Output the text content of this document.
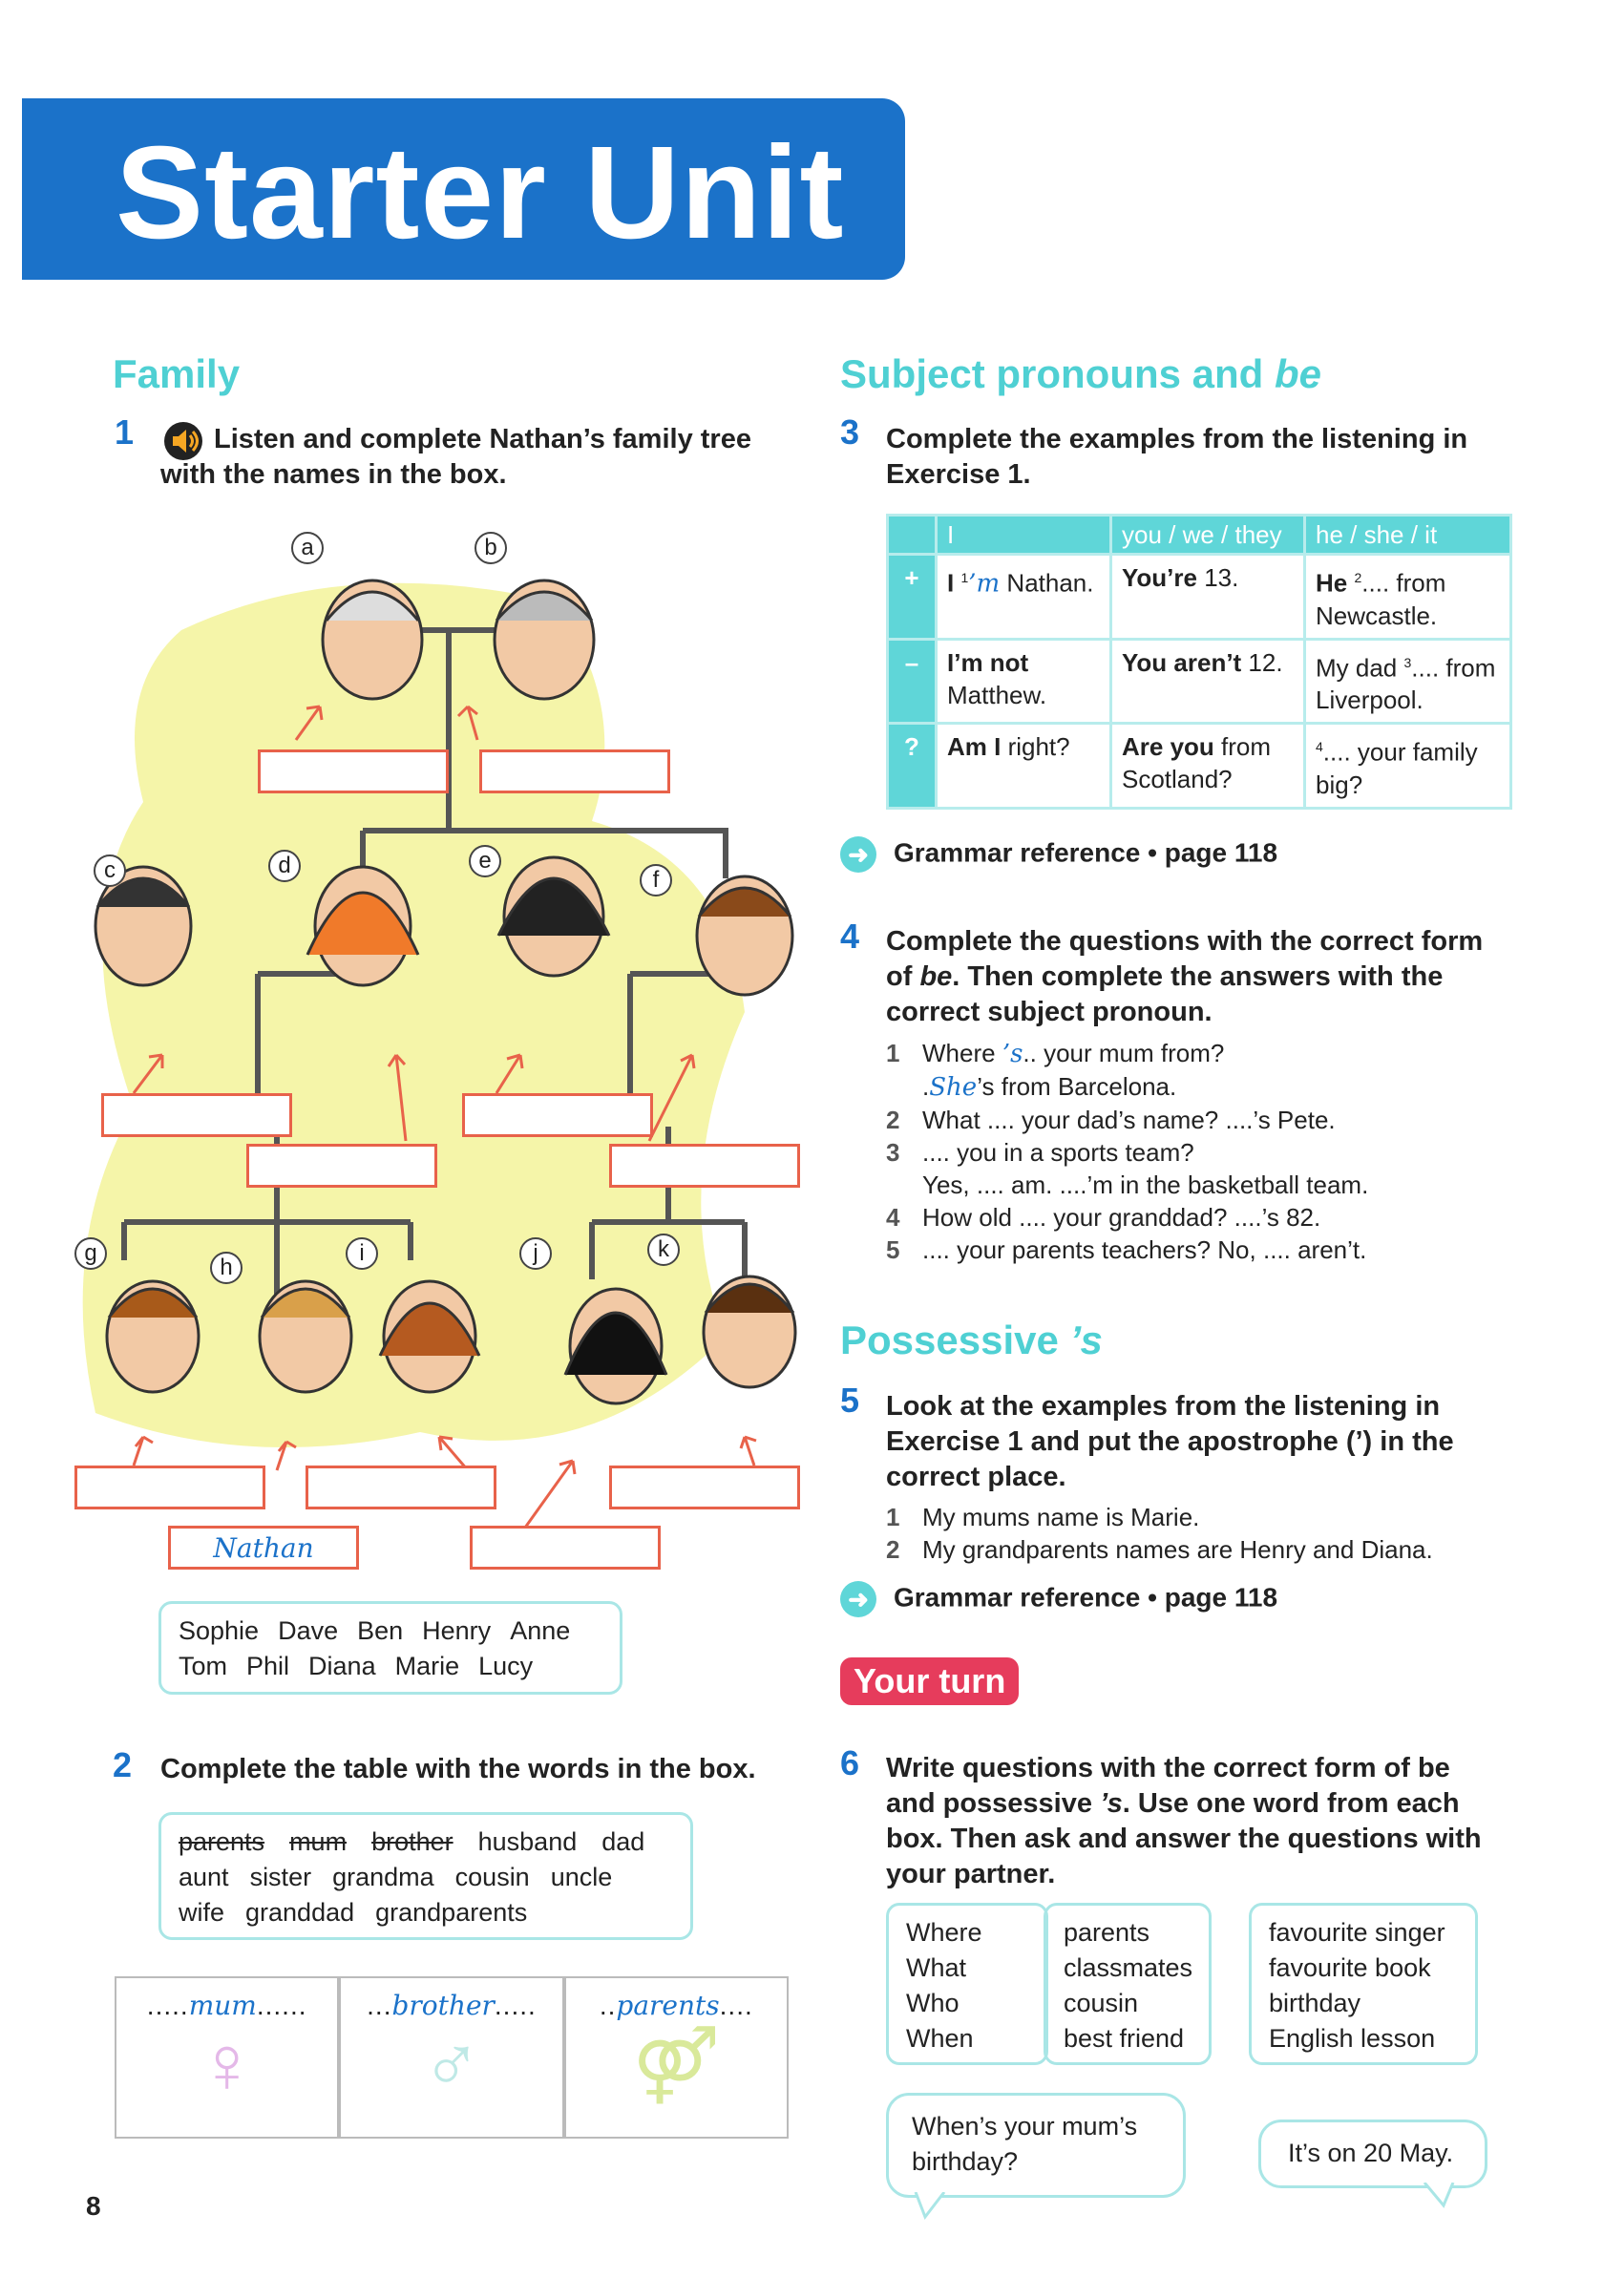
Starter Unit
Family
1	Listen and complete Nathan’s family tree with the names in the box.
a	b
c	d	e
f
g
h
i	j	k
Nathan
Sophie Dave Ben Henry Anne
Tom Phil Diana Marie Lucy
2 Complete the table with the words in the box.
parents mum brother husband dad
aunt sister grandma cousin uncle
wife granddad grandparents
.....mum......
♀
...brother.....
♂
..parents....
⚤
8
Subject pronouns and be
3 Complete the examples from the listening in Exercise 1.
	I	you / we / they	he / she / it
+	I $^1$’m Nathan.	You’re 13.	He $^2$.... from Newcastle.
–	I’m not Matthew.	You aren’t 12.	My dad $^3$.... from Liverpool.
?	Am I right?	Are you from Scotland?	$^4$.... your family big?
➜ Grammar reference • page 118
4 Complete the questions with the correct form of be. Then complete the answers with the correct subject pronoun.
1 Where ’s.. your mum from?
.She’s from Barcelona.
2 What .... your dad’s name? ....’s Pete.
3 .... you in a sports team?
Yes, .... am. ....’m in the basketball team.
4 How old .... your granddad? ....’s 82.
5 .... your parents teachers? No, .... aren’t.
Possessive ’s
5 Look at the examples from the listening in Exercise 1 and put the apostrophe (’) in the correct place.
1 My mums name is Marie.
2 My grandparents names are Henry and Diana.
➜ Grammar reference • page 118
Your turn
6 Write questions with the correct form of be and possessive ’s. Use one word from each box. Then ask and answer the questions with your partner.
Where
What
Who
When
parents
classmates
cousin
best friend
favourite singer
favourite book
birthday
English lesson
When’s your mum’s birthday?	It’s on 20 May.
